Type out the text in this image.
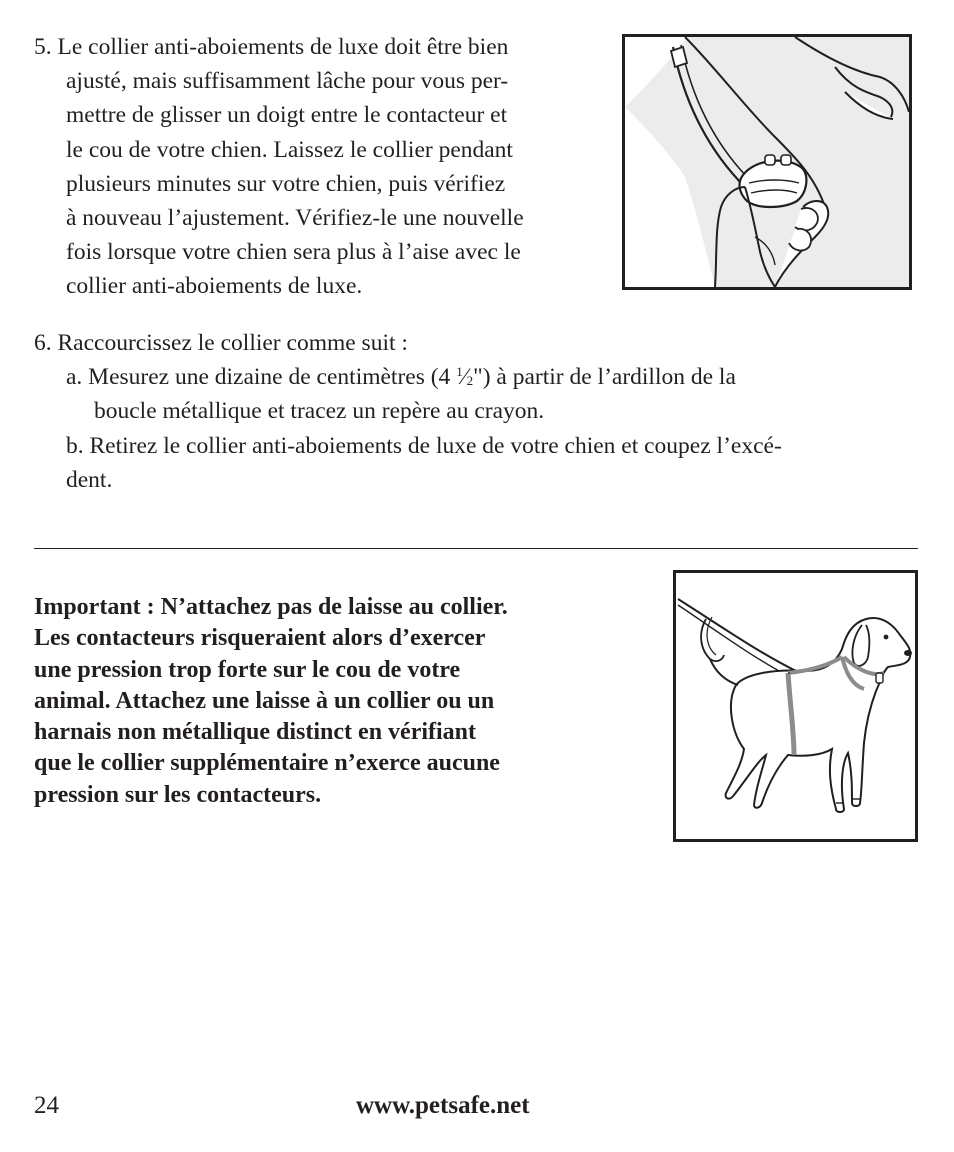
5. Le collier anti-aboiements de luxe doit être bien
ajusté, mais suffisamment lâche pour vous per-
mettre de glisser un doigt entre le contacteur et
le cou de votre chien. Laissez le collier pendant
plusieurs minutes sur votre chien, puis vérifiez
à nouveau l’ajustement. Vérifiez-le une nouvelle
fois lorsque votre chien sera plus à l’aise avec le
collier anti-aboiements de luxe.
6. Raccourcissez le collier comme suit :
a. Mesurez une dizaine de centimètres (4 $^1⁄_2$") à partir de l’ardillon de la
boucle métallique et tracez un repère au crayon.
b. Retirez le collier anti-aboiements de luxe de votre chien et coupez l’excé-
dent.
Important : N’attachez pas de laisse au collier.
Les contacteurs risqueraient alors d’exercer
une pression trop forte sur le cou de votre
animal. Attachez une laisse à un collier ou un
harnais non métallique distinct en vérifiant
que le collier supplémentaire n’exerce aucune
pression sur les contacteurs.
24	www.petsafe.net
